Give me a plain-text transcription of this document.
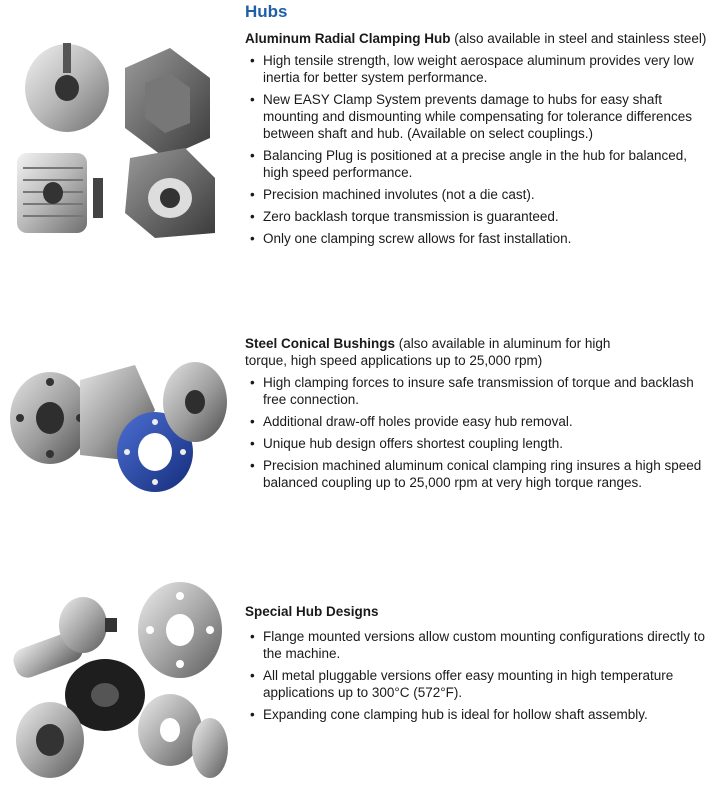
Hubs
Aluminum Radial Clamping Hub (also available in steel and stainless steel)
• High tensile strength, low weight aerospace aluminum provides very low inertia for better system performance.
• New EASY Clamp System prevents damage to hubs for easy shaft mounting and dismounting while compensating for tolerance differences between shaft and hub. (Available on select couplings.)
• Balancing Plug is positioned at a precise angle in the hub for balanced, high speed performance.
• Precision machined involutes (not a die cast).
• Zero backlash torque transmission is guaranteed.
• Only one clamping screw allows for fast installation.
Steel Conical Bushings (also available in aluminum for high torque, high speed applications up to 25,000 rpm)
• High clamping forces to insure safe transmission of torque and backlash free connection.
• Additional draw-off holes provide easy hub removal.
• Unique hub design offers shortest coupling length.
• Precision machined aluminum conical clamping ring insures a high speed balanced coupling up to 25,000 rpm at very high torque ranges.
Special Hub Designs
• Flange mounted versions allow custom mounting configurations directly to the machine.
• All metal pluggable versions offer easy mounting in high temperature applications up to 300°C (572°F).
• Expanding cone clamping hub is ideal for hollow shaft assembly.
